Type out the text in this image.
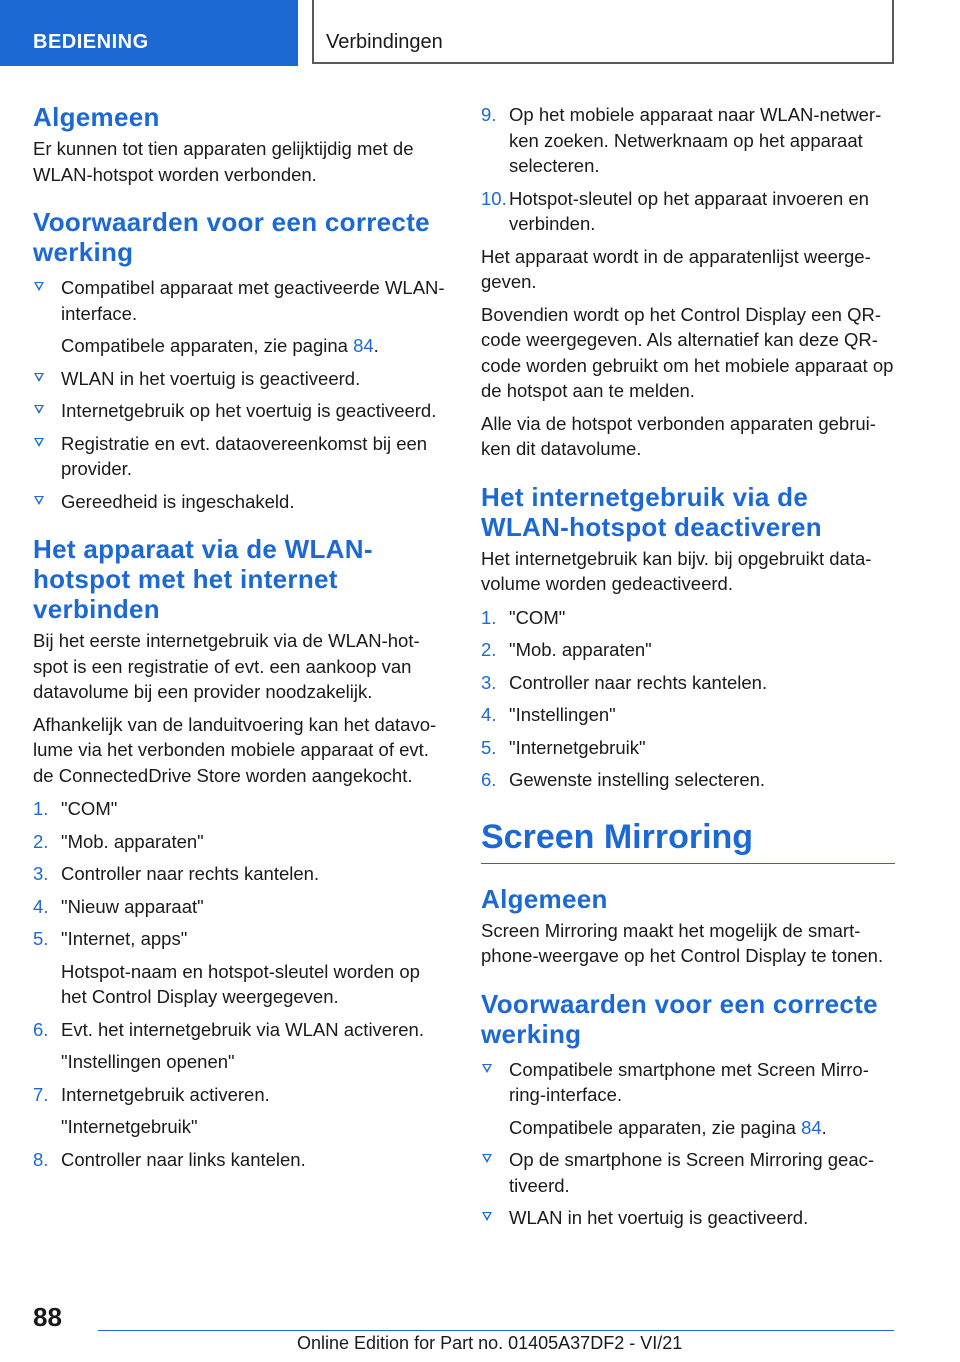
BEDIENING	Verbindingen
Algemeen

Er kunnen tot tien apparaten gelijktijdig met de WLAN-hotspot worden verbonden.

Voorwaarden voor een correcte werking
Compatibel apparaat met geactiveerde WLAN-interface.
Compatibele apparaten, zie pagina 84.
WLAN in het voertuig is geactiveerd.
Internetgebruik op het voertuig is geactiveerd.
Registratie en evt. dataovereenkomst bij een provider.
Gereedheid is ingeschakeld.
Het apparaat via de WLAN-hotspot met het internet verbinden

Bij het eerste internetgebruik via de WLAN-hotspot is een registratie of evt. een aankoop van datavolume bij een provider noodzakelijk.

Afhankelijk van de landuitvoering kan het datavolume via het verbonden mobiele apparaat of evt. de ConnectedDrive Store worden aangekocht.

1. "COM"
2. "Mob. apparaten"
3. Controller naar rechts kantelen.
4. "Nieuw apparaat"
5. "Internet, apps"
Hotspot-naam en hotspot-sleutel worden op het Control Display weergegeven.
6. Evt. het internetgebruik via WLAN activeren.
"Instellingen openen"
7. Internetgebruik activeren.
"Internetgebruik"
8. Controller naar links kantelen.
9. Op het mobiele apparaat naar WLAN-netwerken zoeken. Netwerknaam op het apparaat selecteren.
10. Hotspot-sleutel op het apparaat invoeren en verbinden.

Het apparaat wordt in de apparatenlijst weergegeven.

Bovendien wordt op het Control Display een QR-code weergegeven. Als alternatief kan deze QR-code worden gebruikt om het mobiele apparaat op de hotspot aan te melden.

Alle via de hotspot verbonden apparaten gebruiken dit datavolume.

Het internetgebruik via de WLAN-hotspot deactiveren

Het internetgebruik kan bijv. bij opgebruikt datavolume worden gedeactiveerd.

1. "COM"
2. "Mob. apparaten"
3. Controller naar rechts kantelen.
4. "Instellingen"
5. "Internetgebruik"
6. Gewenste instelling selecteren.
Screen Mirroring
Algemeen

Screen Mirroring maakt het mogelijk de smartphone-weergave op het Control Display te tonen.

Voorwaarden voor een correcte werking
Compatibele smartphone met Screen Mirroring-interface.
Compatibele apparaten, zie pagina 84.
Op de smartphone is Screen Mirroring geactiveerd.
WLAN in het voertuig is geactiveerd.
88
Online Edition for Part no. 01405A37DF2 - VI/21
